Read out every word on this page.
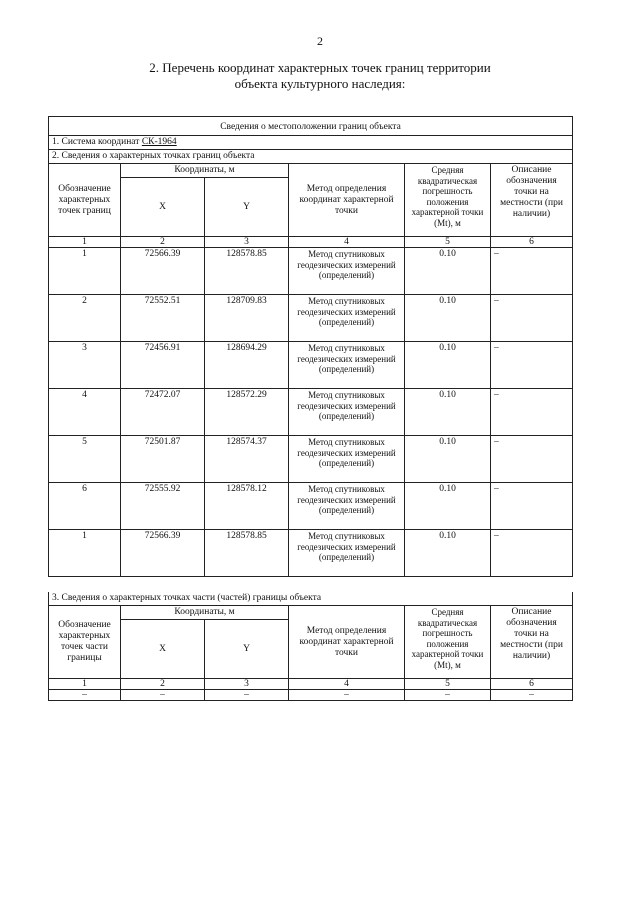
2
2. Перечень координат характерных точек границ территории
объекта культурного наследия:
Сведения о местоположении границ объекта					
1. Система координат СК-1964					
2. Сведения о характерных точках границ объекта					
Обозначение характерных точек границ	Координаты, м		Метод определения координат характерной точки	Средняя квадратическая погрешность положения характерной точки (Mt), м	Описание обозначения точки на местности (при наличии)
	X	Y			
1	2	3	4	5	6
1	72566.39	128578.85	Метод спутниковых геодезических измерений (определений)	0.10	–
2	72552.51	128709.83	Метод спутниковых геодезических измерений (определений)	0.10	–
3	72456.91	128694.29	Метод спутниковых геодезических измерений (определений)	0.10	–
4	72472.07	128572.29	Метод спутниковых геодезических измерений (определений)	0.10	–
5	72501.87	128574.37	Метод спутниковых геодезических измерений (определений)	0.10	–
6	72555.92	128578.12	Метод спутниковых геодезических измерений (определений)	0.10	–
1	72566.39	128578.85	Метод спутниковых геодезических измерений (определений)	0.10	–
3. Сведения о характерных точках части (частей) границы объекта					
Обозначение характерных точек части границы	Координаты, м		Метод определения координат характерной точки	Средняя квадратическая погрешность положения характерной точки (Mt), м	Описание обозначения точки на местности (при наличии)
	X	Y			
1	2	3	4	5	6
–	–	–	–	–	–
